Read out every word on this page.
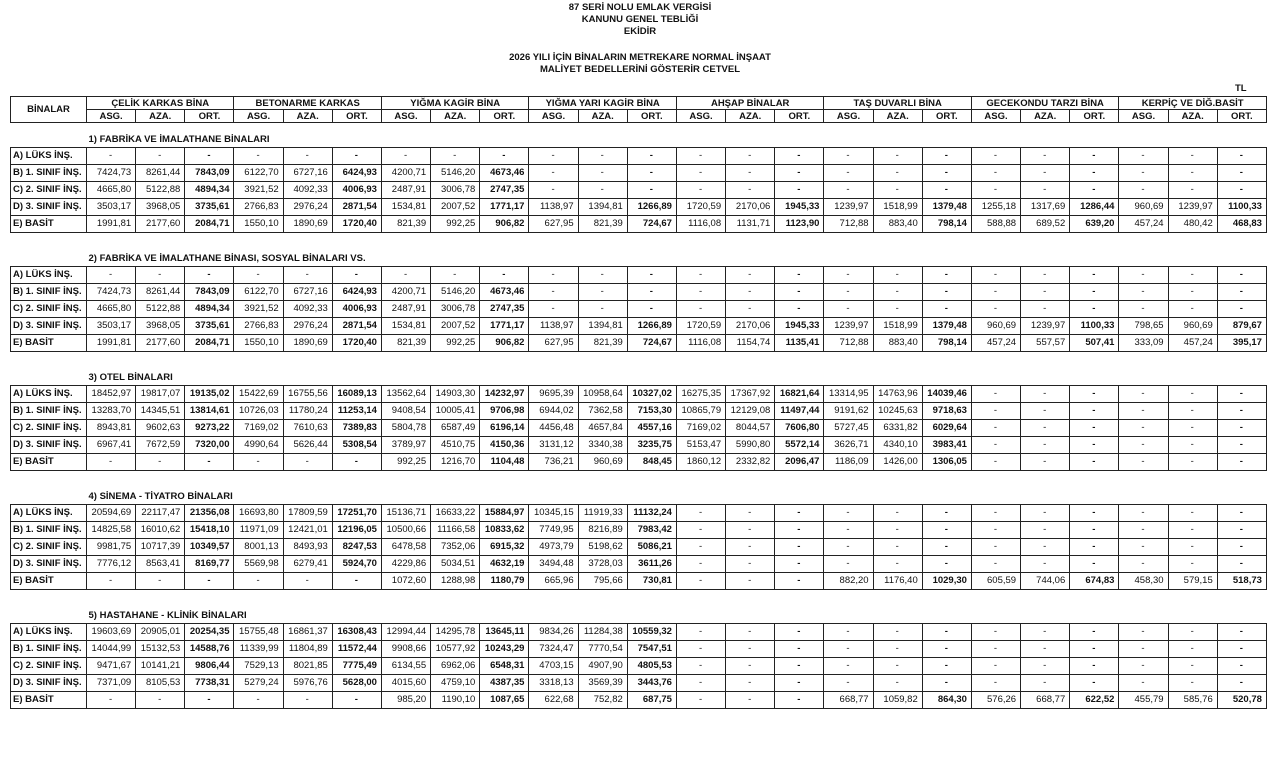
87 SERİ NOLU EMLAK VERGİSİ
KANUNU GENEL TEBLİĞİ
EKİDİR
2026 YILI İÇİN BİNALARIN METREKARE NORMAL İNŞAAT
MALİYET BEDELLERİNİ GÖSTERİR CETVEL
TL
BİNALAR	ÇELİK KARKAS BİNA			BETONARME KARKAS			YIĞMA KAGİR BİNA			YIĞMA YARI KAGİR BİNA			AHŞAP BİNALAR			TAŞ DUVARLI BİNA			GECEKONDU TARZI BİNA			KERPİÇ VE DİĞ.BASİT		
	ASG.	AZA.	ORT.	ASG.	AZA.	ORT.	ASG.	AZA.	ORT.	ASG.	AZA.	ORT.	ASG.	AZA.	ORT.	ASG.	AZA.	ORT.	ASG.	AZA.	ORT.	ASG.	AZA.	ORT.
1) FABRİKA VE İMALATHANE BİNALARI																								
A) LÜKS İNŞ.	-	-	-	-	-	-	-	-	-	-	-	-	-	-	-	-	-	-	-	-	-	-	-	-
B) 1. SINIF İNŞ.	7424,73	8261,44	7843,09	6122,70	6727,16	6424,93	4200,71	5146,20	4673,46	-	-	-	-	-	-	-	-	-	-	-	-	-	-	-
C) 2. SINIF İNŞ.	4665,80	5122,88	4894,34	3921,52	4092,33	4006,93	2487,91	3006,78	2747,35	-	-	-	-	-	-	-	-	-	-	-	-	-	-	-
D) 3. SINIF İNŞ.	3503,17	3968,05	3735,61	2766,83	2976,24	2871,54	1534,81	2007,52	1771,17	1138,97	1394,81	1266,89	1720,59	2170,06	1945,33	1239,97	1518,99	1379,48	1255,18	1317,69	1286,44	960,69	1239,97	1100,33
E) BASİT	1991,81	2177,60	2084,71	1550,10	1890,69	1720,40	821,39	992,25	906,82	627,95	821,39	724,67	1116,08	1131,71	1123,90	712,88	883,40	798,14	588,88	689,52	639,20	457,24	480,42	468,83

2) FABRİKA VE İMALATHANE BİNASI, SOSYAL BİNALARI VS.																								
A) LÜKS İNŞ.	-	-	-	-	-	-	-	-	-	-	-	-	-	-	-	-	-	-	-	-	-	-	-	-
B) 1. SINIF İNŞ.	7424,73	8261,44	7843,09	6122,70	6727,16	6424,93	4200,71	5146,20	4673,46	-	-	-	-	-	-	-	-	-	-	-	-	-	-	-
C) 2. SINIF İNŞ.	4665,80	5122,88	4894,34	3921,52	4092,33	4006,93	2487,91	3006,78	2747,35	-	-	-	-	-	-	-	-	-	-	-	-	-	-	-
D) 3. SINIF İNŞ.	3503,17	3968,05	3735,61	2766,83	2976,24	2871,54	1534,81	2007,52	1771,17	1138,97	1394,81	1266,89	1720,59	2170,06	1945,33	1239,97	1518,99	1379,48	960,69	1239,97	1100,33	798,65	960,69	879,67
E) BASİT	1991,81	2177,60	2084,71	1550,10	1890,69	1720,40	821,39	992,25	906,82	627,95	821,39	724,67	1116,08	1154,74	1135,41	712,88	883,40	798,14	457,24	557,57	507,41	333,09	457,24	395,17

3) OTEL BİNALARI																								
A) LÜKS İNŞ.	18452,97	19817,07	19135,02	15422,69	16755,56	16089,13	13562,64	14903,30	14232,97	9695,39	10958,64	10327,02	16275,35	17367,92	16821,64	13314,95	14763,96	14039,46	-	-	-	-	-	-
B) 1. SINIF İNŞ.	13283,70	14345,51	13814,61	10726,03	11780,24	11253,14	9408,54	10005,41	9706,98	6944,02	7362,58	7153,30	10865,79	12129,08	11497,44	9191,62	10245,63	9718,63	-	-	-	-	-	-
C) 2. SINIF İNŞ.	8943,81	9602,63	9273,22	7169,02	7610,63	7389,83	5804,78	6587,49	6196,14	4456,48	4657,84	4557,16	7169,02	8044,57	7606,80	5727,45	6331,82	6029,64	-	-	-	-	-	-
D) 3. SINIF İNŞ.	6967,41	7672,59	7320,00	4990,64	5626,44	5308,54	3789,97	4510,75	4150,36	3131,12	3340,38	3235,75	5153,47	5990,80	5572,14	3626,71	4340,10	3983,41	-	-	-	-	-	-
E) BASİT	-	-	-	-	-	-	992,25	1216,70	1104,48	736,21	960,69	848,45	1860,12	2332,82	2096,47	1186,09	1426,00	1306,05	-	-	-	-	-	-

4) SİNEMA - TİYATRO BİNALARI																								
A) LÜKS İNŞ.	20594,69	22117,47	21356,08	16693,80	17809,59	17251,70	15136,71	16633,22	15884,97	10345,15	11919,33	11132,24	-	-	-	-	-	-	-	-	-	-	-	-
B) 1. SINIF İNŞ.	14825,58	16010,62	15418,10	11971,09	12421,01	12196,05	10500,66	11166,58	10833,62	7749,95	8216,89	7983,42	-	-	-	-	-	-	-	-	-	-	-	-
C) 2. SINIF İNŞ.	9981,75	10717,39	10349,57	8001,13	8493,93	8247,53	6478,58	7352,06	6915,32	4973,79	5198,62	5086,21	-	-	-	-	-	-	-	-	-	-	-	-
D) 3. SINIF İNŞ.	7776,12	8563,41	8169,77	5569,98	6279,41	5924,70	4229,86	5034,51	4632,19	3494,48	3728,03	3611,26	-	-	-	-	-	-	-	-	-	-	-	-
E) BASİT	-	-	-	-	-	-	1072,60	1288,98	1180,79	665,96	795,66	730,81	-	-	-	882,20	1176,40	1029,30	605,59	744,06	674,83	458,30	579,15	518,73

5) HASTAHANE - KLİNİK BİNALARI																								
A) LÜKS İNŞ.	19603,69	20905,01	20254,35	15755,48	16861,37	16308,43	12994,44	14295,78	13645,11	9834,26	11284,38	10559,32	-	-	-	-	-	-	-	-	-	-	-	-
B) 1. SINIF İNŞ.	14044,99	15132,53	14588,76	11339,99	11804,89	11572,44	9908,66	10577,92	10243,29	7324,47	7770,54	7547,51	-	-	-	-	-	-	-	-	-	-	-	-
C) 2. SINIF İNŞ.	9471,67	10141,21	9806,44	7529,13	8021,85	7775,49	6134,55	6962,06	6548,31	4703,15	4907,90	4805,53	-	-	-	-	-	-	-	-	-	-	-	-
D) 3. SINIF İNŞ.	7371,09	8105,53	7738,31	5279,24	5976,76	5628,00	4015,60	4759,10	4387,35	3318,13	3569,39	3443,76	-	-	-	-	-	-	-	-	-	-	-	-
E) BASİT	-	-	-	-	-	-	985,20	1190,10	1087,65	622,68	752,82	687,75	-	-	-	668,77	1059,82	864,30	576,26	668,77	622,52	455,79	585,76	520,78
